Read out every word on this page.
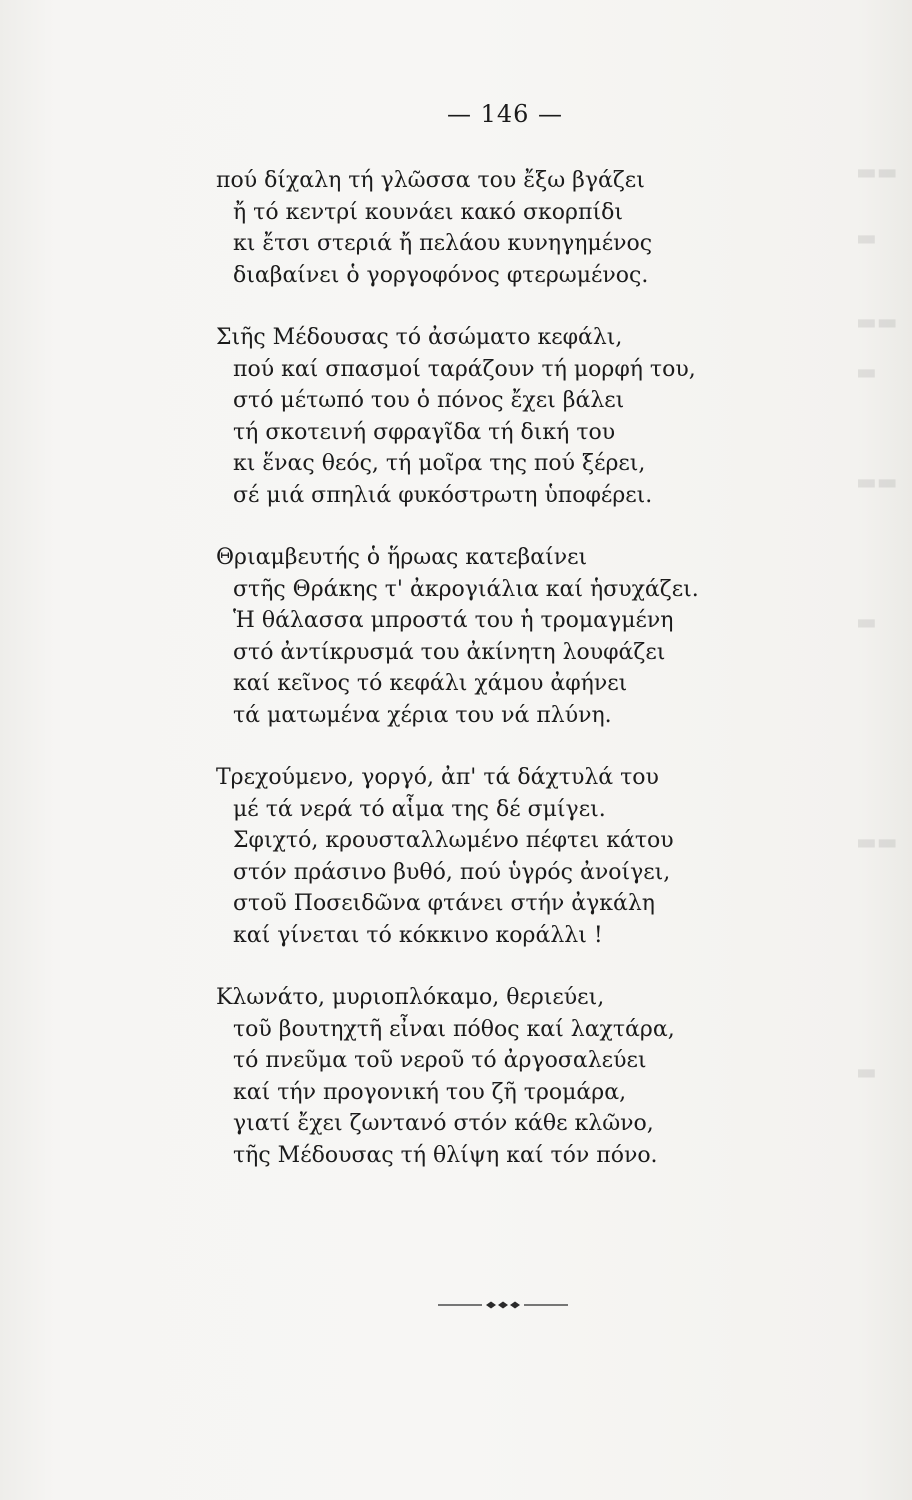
▬▬
▬
▬▬
▬
▬▬
▬
▬▬
▬
— 146 —
πού δίχαλη τή γλῶσσα του ἔξω βγάζει
ἤ τό κεντρί κουνάει κακό σκορπίδι
κι ἔτσι στεριά ἤ πελάου κυνηγημένος
διαβαίνει ὁ γοργοφόνος φτερωμένος.
Σιῆς Μέδουσας τό ἀσώματο κεφάλι,
πού καί σπασμοί ταράζουν τή μορφή του,
στό μέτωπό του ὁ πόνος ἔχει βάλει
τή σκοτεινή σφραγῖδα τή δική του
κι ἕνας θεός, τή μοῖρα της πού ξέρει,
σέ μιά σπηλιά φυκόστρωτη ὑποφέρει.
Θριαμβευτής ὁ ἥρωας κατεβαίνει
στῆς Θράκης τ' ἀκρογιάλια καί ἡσυχάζει.
Ἡ θάλασσα μπροστά του ἡ τρομαγμένη
στό ἀντίκρυσμά του ἀκίνητη λουφάζει
καί κεῖνος τό κεφάλι χάμου ἀφήνει
τά ματωμένα χέρια του νά πλύνη.
Τρεχούμενο, γοργό, ἀπ' τά δάχτυλά του
μέ τά νερά τό αἷμα της δέ σμίγει.
Σφιχτό, κρουσταλλωμένο πέφτει κάτου
στόν πράσινο βυθό, πού ὑγρός ἀνοίγει,
στοῦ Ποσειδῶνα φτάνει στήν ἀγκάλη
καί γίνεται τό κόκκινο κοράλλι !
Κλωνάτο, μυριοπλόκαμο, θεριεύει,
τοῦ βουτηχτῆ εἶναι πόθος καί λαχτάρα,
τό πνεῦμα τοῦ νεροῦ τό ἀργοσαλεύει
καί τήν προγονική του ζῆ τρομάρα,
γιατί ἔχει ζωντανό στόν κάθε κλῶνο,
τῆς Μέδουσας τή θλίψη καί τόν πόνο.
